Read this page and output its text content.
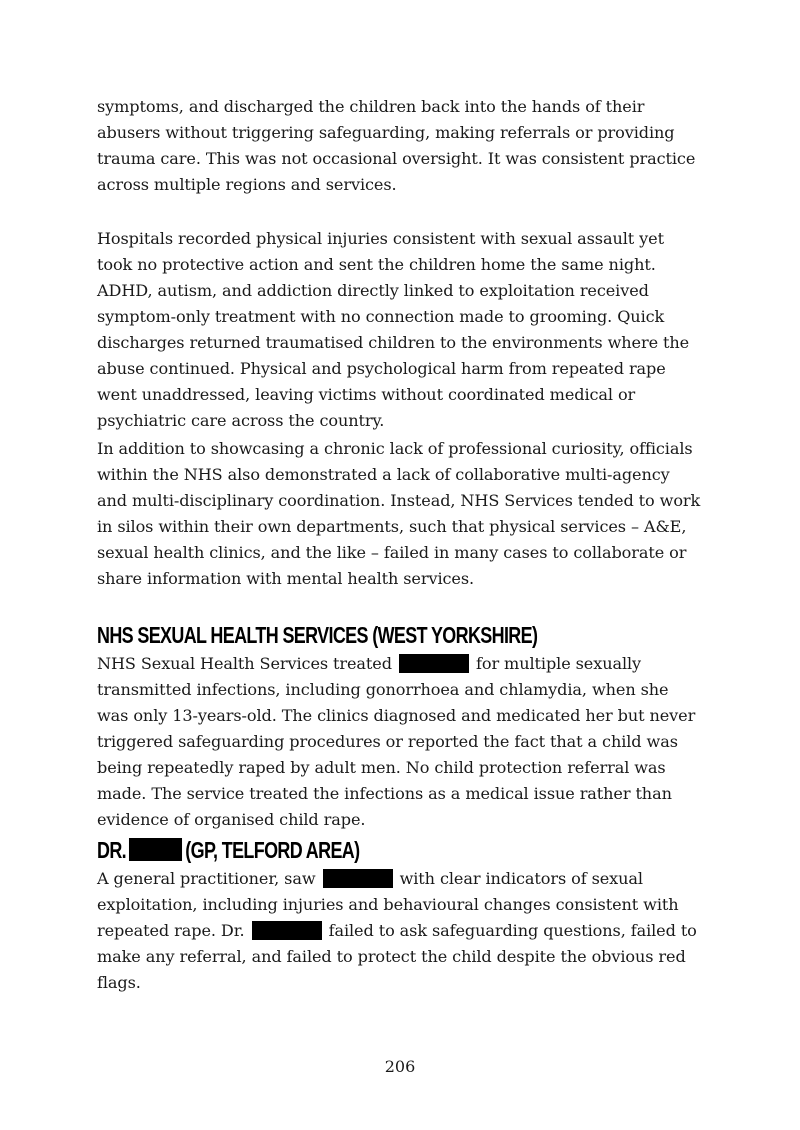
symptoms, and discharged the children back into the hands of their abusers without triggering safeguarding, making referrals or providing trauma care. This was not occasional oversight. It was consistent practice across multiple regions and services.

Hospitals recorded physical injuries consistent with sexual assault yet took no protective action and sent the children home the same night. ADHD, autism, and addiction directly linked to exploitation received symptom-only treatment with no connection made to grooming. Quick discharges returned traumatised children to the environments where the abuse continued. Physical and psychological harm from repeated rape went unaddressed, leaving victims without coordinated medical or psychiatric care across the country.

In addition to showcasing a chronic lack of professional curiosity, officials within the NHS also demonstrated a lack of collaborative multi-agency and multi-disciplinary coordination. Instead, NHS Services tended to work in silos within their own departments, such that physical services – A&E, sexual health clinics, and the like – failed in many cases to collaborate or share information with mental health services.

NHS SEXUAL HEALTH SERVICES (WEST YORKSHIRE)

NHS Sexual Health Services treated	for multiple sexually transmitted infections, including gonorrhoea and chlamydia, when she was only 13-years-old. The clinics diagnosed and medicated her but never triggered safeguarding procedures or reported the fact that a child was being repeatedly raped by adult men. No child protection referral was made. The service treated the infections as a medical issue rather than evidence of organised child rape.

DR.	(GP, TELFORD AREA)

A general practitioner, saw	with clear indicators of sexual exploitation, including injuries and behavioural changes consistent with repeated rape. Dr.	failed to ask safeguarding questions, failed to make any referral, and failed to protect the child despite the obvious red flags.

206
